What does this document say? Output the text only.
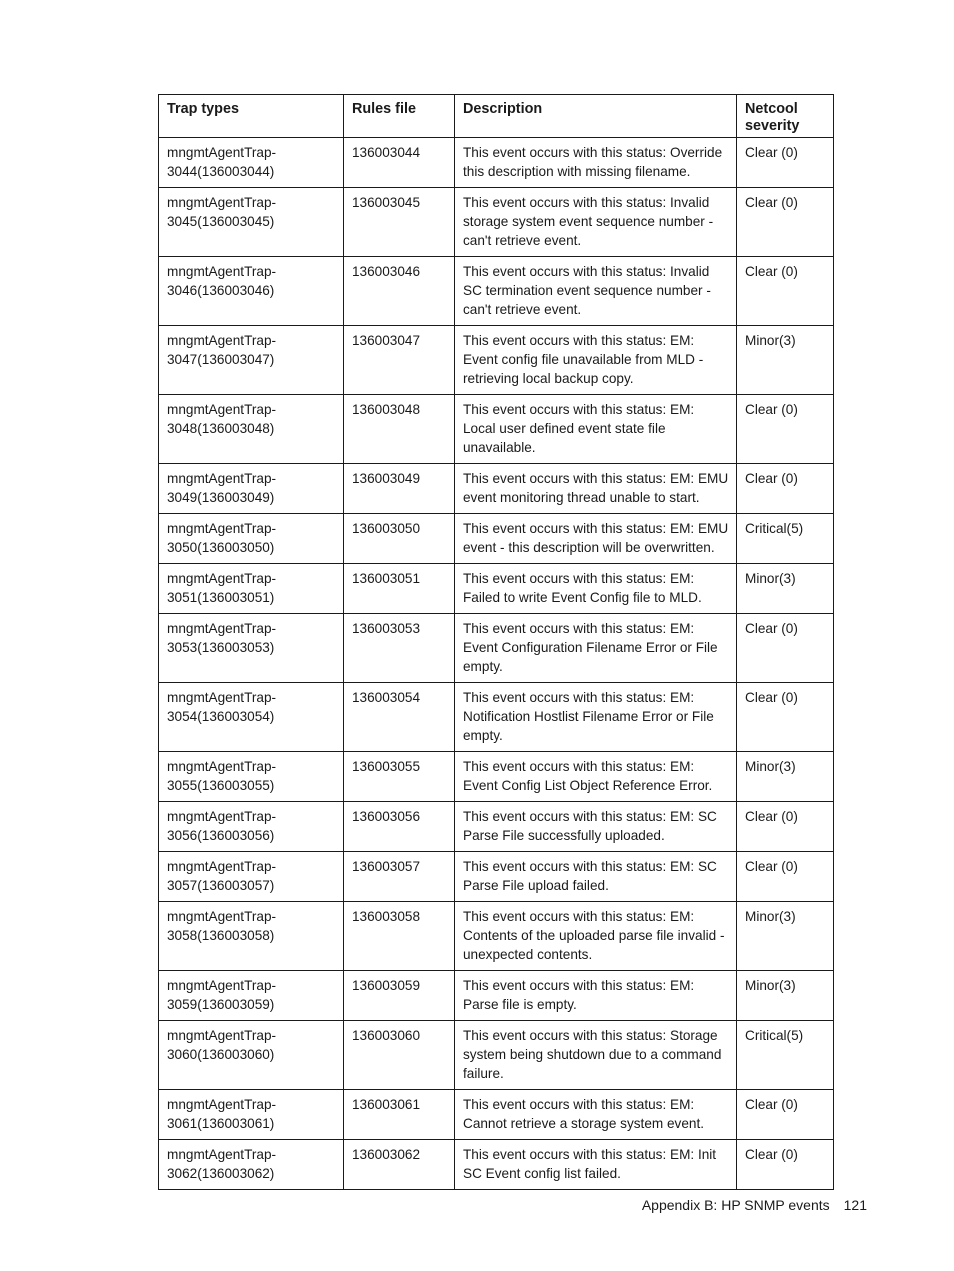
Trap types	Rules file	Description	Netcool
severity

mngmtAgentTrap-
3044(136003044)	136003044	This event occurs with this status: Override this description with missing filename.	Clear (0)

mngmtAgentTrap-
3045(136003045)	136003045	This event occurs with this status: Invalid storage system event sequence number - can't retrieve event.	Clear (0)

mngmtAgentTrap-
3046(136003046)	136003046	This event occurs with this status: Invalid SC termination event sequence number - can't retrieve event.	Clear (0)

mngmtAgentTrap-
3047(136003047)	136003047	This event occurs with this status: EM: Event config file unavailable from MLD - retrieving local backup copy.	Minor(3)

mngmtAgentTrap-
3048(136003048)	136003048	This event occurs with this status: EM: Local user defined event state file unavailable.	Clear (0)

mngmtAgentTrap-
3049(136003049)	136003049	This event occurs with this status: EM: EMU event monitoring thread unable to start.	Clear (0)

mngmtAgentTrap-
3050(136003050)	136003050	This event occurs with this status: EM: EMU event - this description will be overwritten.	Critical(5)

mngmtAgentTrap-
3051(136003051)	136003051	This event occurs with this status: EM: Failed to write Event Config file to MLD.	Minor(3)

mngmtAgentTrap-
3053(136003053)	136003053	This event occurs with this status: EM: Event Configuration Filename Error or File empty.	Clear (0)

mngmtAgentTrap-
3054(136003054)	136003054	This event occurs with this status: EM: Notification Hostlist Filename Error or File empty.	Clear (0)

mngmtAgentTrap-
3055(136003055)	136003055	This event occurs with this status: EM: Event Config List Object Reference Error.	Minor(3)

mngmtAgentTrap-
3056(136003056)	136003056	This event occurs with this status: EM: SC Parse File successfully uploaded.	Clear (0)

mngmtAgentTrap-
3057(136003057)	136003057	This event occurs with this status: EM: SC Parse File upload failed.	Clear (0)

mngmtAgentTrap-
3058(136003058)	136003058	This event occurs with this status: EM: Contents of the uploaded parse file invalid - unexpected contents.	Minor(3)

mngmtAgentTrap-
3059(136003059)	136003059	This event occurs with this status: EM: Parse file is empty.	Minor(3)

mngmtAgentTrap-
3060(136003060)	136003060	This event occurs with this status: Storage system being shutdown due to a command failure.	Critical(5)

mngmtAgentTrap-
3061(136003061)	136003061	This event occurs with this status: EM: Cannot retrieve a storage system event.	Clear (0)

mngmtAgentTrap-
3062(136003062)	136003062	This event occurs with this status: EM: Init SC Event config list failed.	Clear (0)
Appendix B: HP SNMP events 121
